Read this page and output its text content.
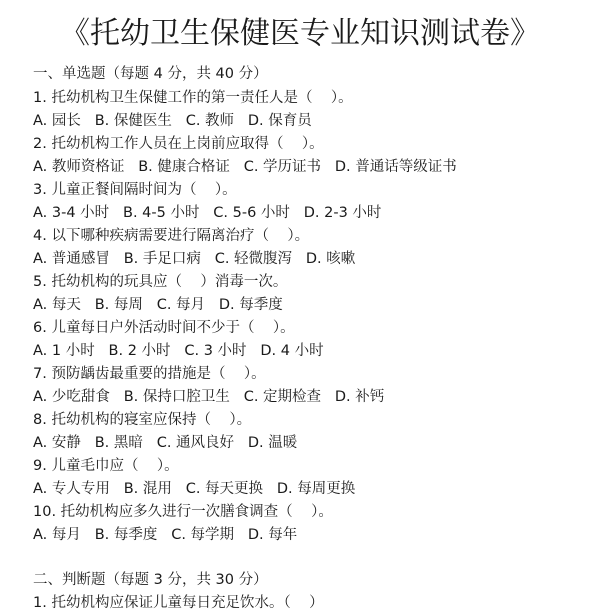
《托幼卫生保健医专业知识测试卷》
一、单选题（每题 4 分，共 40 分）
1. 托幼机构卫生保健工作的第一责任人是（    ）。
A. 园长   B. 保健医生   C. 教师   D. 保育员
2. 托幼机构工作人员在上岗前应取得（    ）。
A. 教师资格证   B. 健康合格证   C. 学历证书   D. 普通话等级证书
3. 儿童正餐间隔时间为（    ）。
A. 3-4 小时   B. 4-5 小时   C. 5-6 小时   D. 2-3 小时
4. 以下哪种疾病需要进行隔离治疗（    ）。
A. 普通感冒   B. 手足口病   C. 轻微腹泻   D. 咳嗽
5. 托幼机构的玩具应（    ）消毒一次。
A. 每天   B. 每周   C. 每月   D. 每季度
6. 儿童每日户外活动时间不少于（    ）。
A. 1 小时   B. 2 小时   C. 3 小时   D. 4 小时
7. 预防龋齿最重要的措施是（    ）。
A. 少吃甜食   B. 保持口腔卫生   C. 定期检查   D. 补钙
8. 托幼机构的寝室应保持（    ）。
A. 安静   B. 黑暗   C. 通风良好   D. 温暖
9. 儿童毛巾应（    ）。
A. 专人专用   B. 混用   C. 每天更换   D. 每周更换
10. 托幼机构应多久进行一次膳食调查（    ）。
A. 每月   B. 每季度   C. 每学期   D. 每年
二、判断题（每题 3 分，共 30 分）
1. 托幼机构应保证儿童每日充足饮水。（    ）
